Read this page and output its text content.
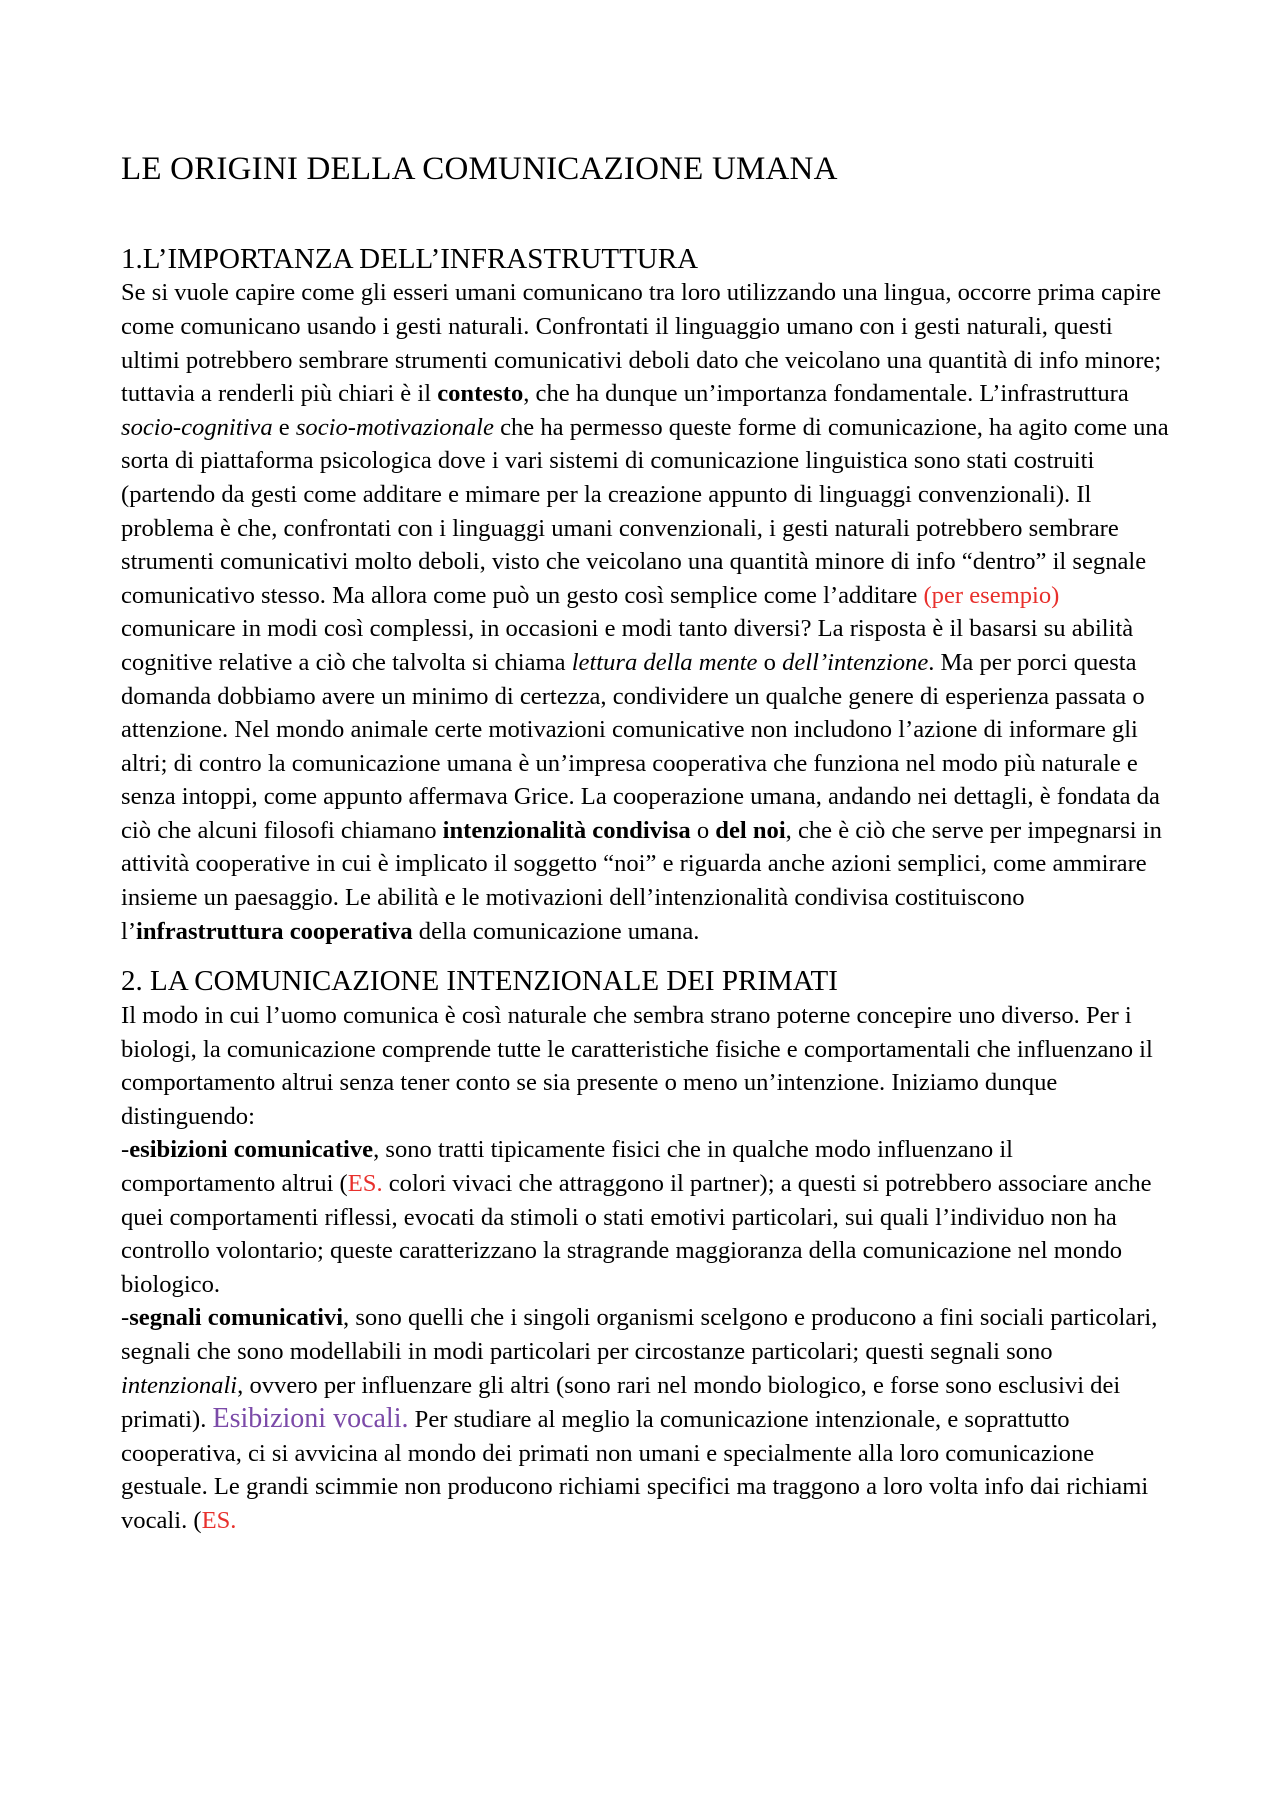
LE ORIGINI DELLA COMUNICAZIONE UMANA
1.L’IMPORTANZA DELL’INFRASTRUTTURA

Se si vuole capire come gli esseri umani comunicano tra loro utilizzando una lingua, occorre prima capire come comunicano usando i gesti naturali. Confrontati il linguaggio umano con i gesti naturali, questi ultimi potrebbero sembrare strumenti comunicativi deboli dato che veicolano una quantità di info minore; tuttavia a renderli più chiari è il contesto, che ha dunque un’importanza fondamentale. L’infrastruttura socio-cognitiva e socio-motivazionale che ha permesso queste forme di comunicazione, ha agito come una sorta di piattaforma psicologica dove i vari sistemi di comunicazione linguistica sono stati costruiti (partendo da gesti come additare e mimare per la creazione appunto di linguaggi convenzionali). Il problema è che, confrontati con i linguaggi umani convenzionali, i gesti naturali potrebbero sembrare strumenti comunicativi molto deboli, visto che veicolano una quantità minore di info “dentro” il segnale comunicativo stesso. Ma allora come può un gesto così semplice come l’additare (per esempio) comunicare in modi così complessi, in occasioni e modi tanto diversi? La risposta è il basarsi su abilità cognitive relative a ciò che talvolta si chiama lettura della mente o dell’intenzione. Ma per porci questa domanda dobbiamo avere un minimo di certezza, condividere un qualche genere di esperienza passata o attenzione. Nel mondo animale certe motivazioni comunicative non includono l’azione di informare gli altri; di contro la comunicazione umana è un’impresa cooperativa che funziona nel modo più naturale e senza intoppi, come appunto affermava Grice. La cooperazione umana, andando nei dettagli, è fondata da ciò che alcuni filosofi chiamano intenzionalità condivisa o del noi, che è ciò che serve per impegnarsi in attività cooperative in cui è implicato il soggetto “noi” e riguarda anche azioni semplici, come ammirare insieme un paesaggio. Le abilità e le motivazioni dell’intenzionalità condivisa costituiscono l’infrastruttura cooperativa della comunicazione umana.

2. LA COMUNICAZIONE INTENZIONALE DEI PRIMATI

Il modo in cui l’uomo comunica è così naturale che sembra strano poterne concepire uno diverso. Per i biologi, la comunicazione comprende tutte le caratteristiche fisiche e comportamentali che influenzano il comportamento altrui senza tener conto se sia presente o meno un’intenzione. Iniziamo dunque distinguendo:

-esibizioni comunicative, sono tratti tipicamente fisici che in qualche modo influenzano il comportamento altrui (ES. colori vivaci che attraggono il partner); a questi si potrebbero associare anche quei comportamenti riflessi, evocati da stimoli o stati emotivi particolari, sui quali l’individuo non ha controllo volontario; queste caratterizzano la stragrande maggioranza della comunicazione nel mondo biologico.

-segnali comunicativi, sono quelli che i singoli organismi scelgono e producono a fini sociali particolari, segnali che sono modellabili in modi particolari per circostanze particolari; questi segnali sono intenzionali, ovvero per influenzare gli altri (sono rari nel mondo biologico, e forse sono esclusivi dei primati). Esibizioni vocali. Per studiare al meglio la comunicazione intenzionale, e soprattutto cooperativa, ci si avvicina al mondo dei primati non umani e specialmente alla loro comunicazione gestuale. Le grandi scimmie non producono richiami specifici ma traggono a loro volta info dai richiami vocali. (ES.
